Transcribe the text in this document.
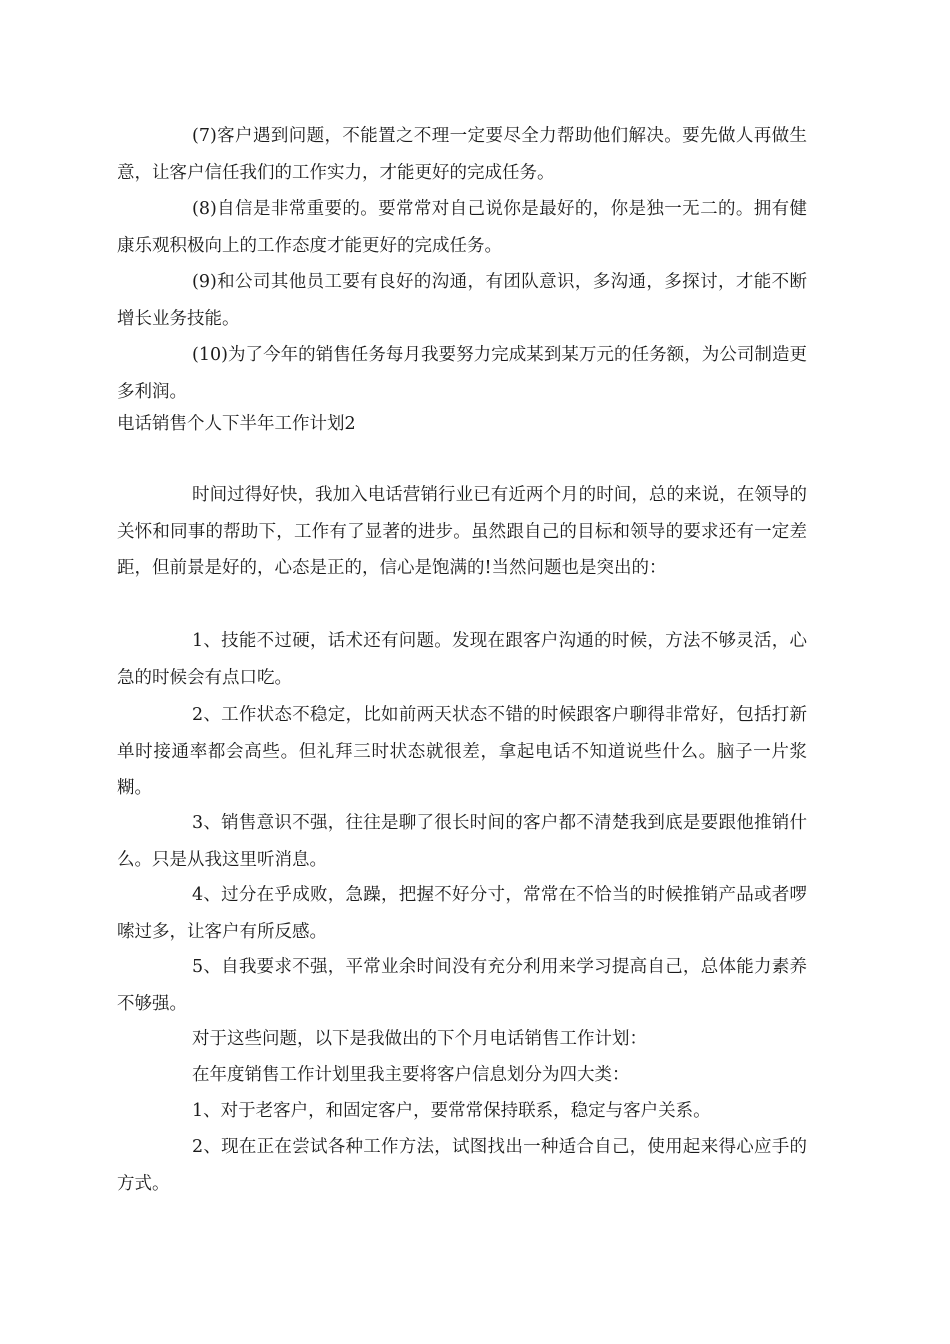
(7)客户遇到问题，不能置之不理一定要尽全力帮助他们解决。要先做人再做生意，让客户信任我们的工作实力，才能更好的完成任务。

(8)自信是非常重要的。要常常对自己说你是最好的，你是独一无二的。拥有健康乐观积极向上的工作态度才能更好的完成任务。

(9)和公司其他员工要有良好的沟通，有团队意识，多沟通，多探讨，才能不断增长业务技能。

(10)为了今年的销售任务每月我要努力完成某到某万元的任务额，为公司制造更多利润。

电话销售个人下半年工作计划2

时间过得好快，我加入电话营销行业已有近两个月的时间，总的来说，在领导的关怀和同事的帮助下，工作有了显著的进步。虽然跟自己的目标和领导的要求还有一定差距，但前景是好的，心态是正的，信心是饱满的!当然问题也是突出的：

1、技能不过硬，话术还有问题。发现在跟客户沟通的时候，方法不够灵活，心急的时候会有点口吃。

2、工作状态不稳定，比如前两天状态不错的时候跟客户聊得非常好，包括打新单时接通率都会高些。但礼拜三时状态就很差，拿起电话不知道说些什么。脑子一片浆糊。

3、销售意识不强，往往是聊了很长时间的客户都不清楚我到底是要跟他推销什么。只是从我这里听消息。

4、过分在乎成败，急躁，把握不好分寸，常常在不恰当的时候推销产品或者啰嗦过多，让客户有所反感。

5、自我要求不强，平常业余时间没有充分利用来学习提高自己，总体能力素养不够强。

对于这些问题，以下是我做出的下个月电话销售工作计划：

在年度销售工作计划里我主要将客户信息划分为四大类：

1、对于老客户，和固定客户，要常常保持联系，稳定与客户关系。

2、现在正在尝试各种工作方法，试图找出一种适合自己，使用起来得心应手的方式。
